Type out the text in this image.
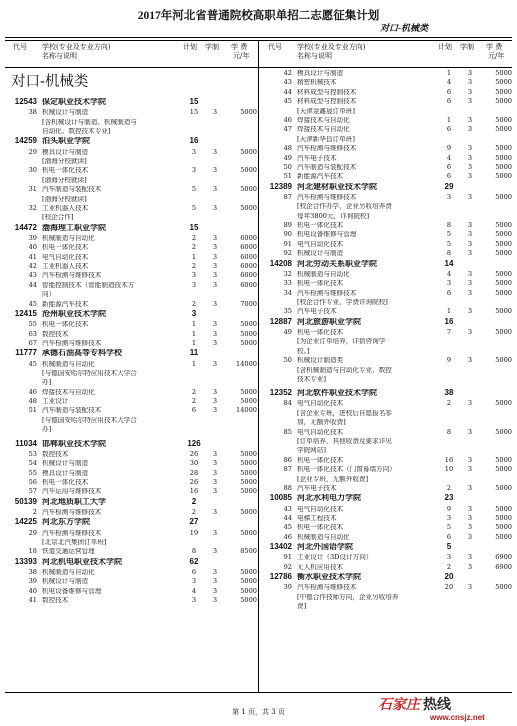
2017年河北省普通院校高职单招二志愿征集计划
对口-机械类
代号 学校(专业及专业方向)
名称与说明
计划 学制 学 费
元/年
代号 学校(专业及专业方向)
名称与说明
计划 学制 学 费
元/年
对口-机械类
12543 保定职业技术学院	15
38 机械设计与制造	15	3	5000
[含机械设计与制造、机械制造与
自动化、数控技术专业]
14259 泊头职业学院	16
29 模具设计与制造	3	3	5000
[渤海分校就读]
30 机电一体化技术	3	3	5000
[渤海分校就读]
31 汽车制造与装配技术	5	3	5000
[渤海分校就读]
32 工业机器人技术	5	3	5000
[校企合作]
14472 渤海理工职业学院	15
39 机械制造与自动化	2	3	6000
40 机电一体化技术	2	3	6000
41 电气自动化技术	1	3	6000
42 工业机器人技术	2	3	6000
43 汽车检测与维修技术	3	3	6000
44 智能控制技术（智能制造技术方	3	3	6000
向）
45 新能源汽车技术	2	3	7000
12415 沧州职业技术学院	3
55 机电一体化技术	1	3	5000
63 数控技术	1	3	5000
67 汽车检测与维修技术	1	3	5000
11777 承德石油高等专科学校	11
45 机械制造与自动化	1	3	14000
[与德国安哈尔特应用技术大学合
办]
46 焊接技术与自动化	2	3	5000
48 工业设计	2	3	5000
51 汽车制造与装配技术	6	3	14000
[与德国安哈尔特应用技术大学合
办]
11034 邯郸职业技术学院	126
53 数控技术	26	3	5000
54 机械设计与制造	30	3	5000
55 模具设计与制造	28	3	5000
56 机电一体化技术	26	3	5000
57 汽车运用与维修技术	16	3	5000
50139 河北地质职工大学	2
2 汽车检测与维修技术	2	3	5000
14225 河北东方学院	27
29 汽车检测与维修技术	19	3	5000
[北京北汽集团订单班]
18 铁道交通运营管理	8	3	8500
13393 河北机电职业技术学院	62
38 机械制造与自动化	6	3	5000
39 机械设计与制造	3	3	5000
40 机电设备维修与管理	4	3	5000
41 数控技术	3	3	5000
42 模具设计与制造	1	3	5000
43 精密机械技术	4	3	5000
44 材料成型与控制技术	6	3	5000
45 材料成型与控制技术	6	3	5000
[天津金鑫晟订单班]
46 焊接技术与自动化	1	3	5000
47 焊接技术与自动化	6	3	5000
[天津新华昌订单班]
48 汽车检测与维修技术	9	3	5000
49 汽车电子技术	4	3	5000
50 汽车制造与装配技术	6	3	5000
51 新能源汽车技术	6	3	5000
12389 河北建材职业技术学院	29
87 汽车检测与维修技术	3	3	5000
[校企合作办学，企业另收培养费
每年3800元，详询院校]
89 机电一体化技术	8	3	5000
90 机电设备维修与管理	5	3	5000
91 电气自动化技术	5	3	5000
92 机械设计与制造	8	3	5000
14208 河北劳动关系职业学院	14
32 机械制造与自动化	4	3	5000
33 机电一体化技术	3	3	5000
34 汽车检测与维修技术	6	3	5000
[校企合作专业，学费详询院校]
35 汽车电子技术	1	3	5000
12887 河北旅游职业学院	16
49 机电一体化技术	7	3	5000
[为企业订单培养，详情咨询学
校。]
50 机械设计制造类	9	3	5000
[含机械制造与自动化专业、数控
技术专业]
12352 河北软件职业技术学院	38
84 电气自动化技术	2	3	5000
[含企业专班，进校后自愿报名参
加，无额外收费]
85 电气自动化技术	8	3	5000
[订单培养，其他收费及要求详见
学院网站]
86 机电一体化技术	16	3	5000
87 机电一体化技术（门窗幕墙方向）	10	3	5000
[企业专班，无额外收费]
88 汽车电子技术	2	3	5000
10085 河北水利电力学院	23
43 电气自动化技术	9	3	5000
44 电梯工程技术	3	3	5000
45 机电一体化技术	5	3	5000
46 机械制造与自动化	6	3	5000
13402 河北外国语学院	5
91 工业设计（3D设计方向）	3	3	6900
92 无人机应用技术	2	3	6900
12786 衡水职业技术学院	20
39 汽车检测与维修技术	20	3	5000
[中德合作技师方向，企业另收培养
费]
第 1 页，共 3 页	石家庄 热线
www.cnsjz.net
